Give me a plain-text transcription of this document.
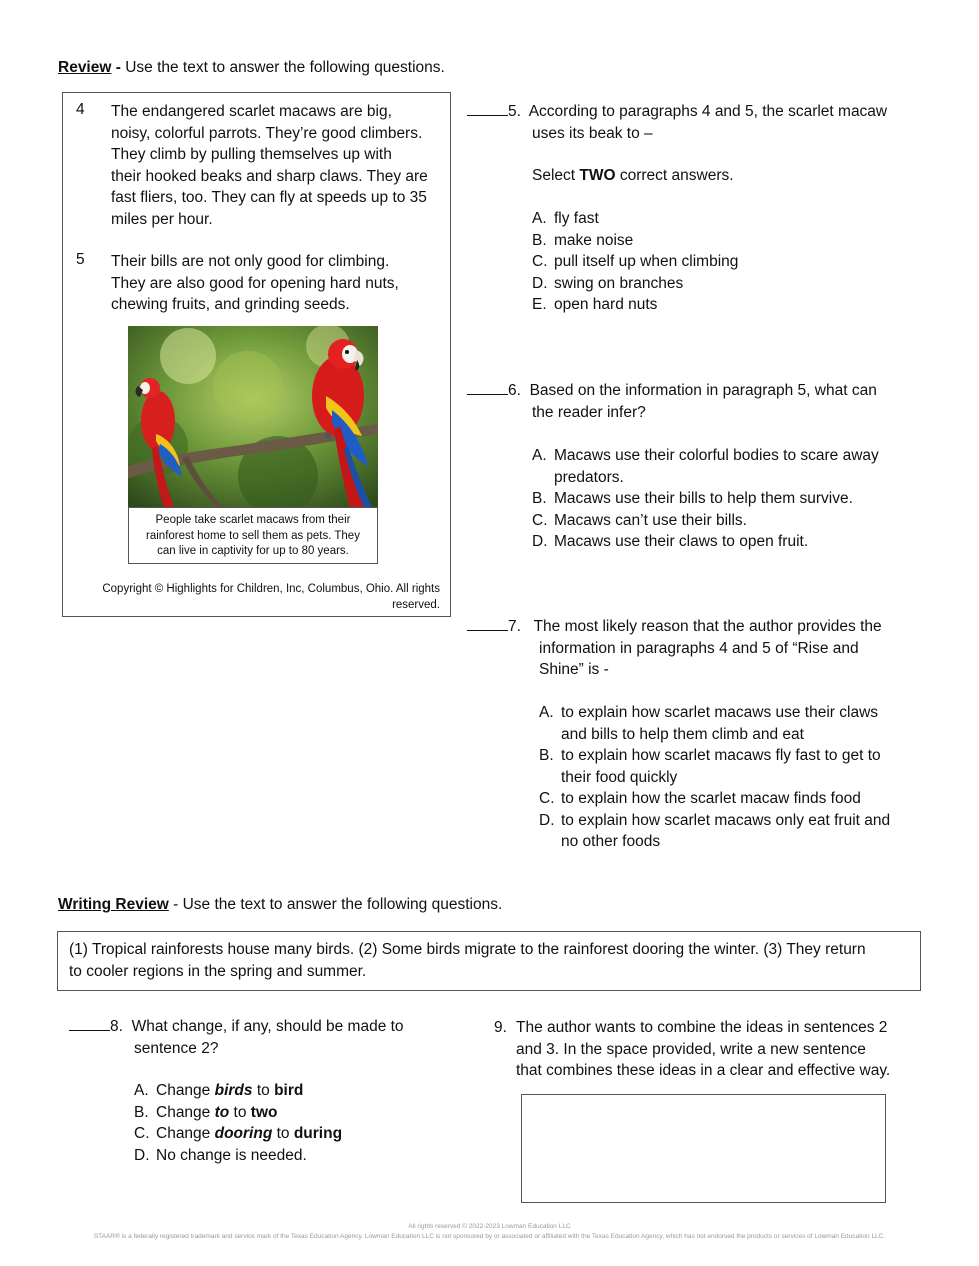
Review - Use the text to answer the following questions.
4 The endangered scarlet macaws are big,
noisy, colorful parrots. They’re good climbers.
They climb by pulling themselves up with
their hooked beaks and sharp claws. They are
fast fliers, too. They can fly at speeds up to 35
miles per hour.
5 Their bills are not only good for climbing.
They are also good for opening hard nuts,
chewing fruits, and grinding seeds.
People take scarlet macaws from their
rainforest home to sell them as pets. They
can live in captivity for up to 80 years.
Copyright © Highlights for Children, Inc, Columbus, Ohio. All rights
reserved.
5. According to paragraphs 4 and 5, the scarlet macaw
uses its beak to –
Select TWO correct answers.
A. fly fast
B. make noise
C. pull itself up when climbing
D. swing on branches
E. open hard nuts
6. Based on the information in paragraph 5, what can
the reader infer?
A. Macaws use their colorful bodies to scare away
predators.
B. Macaws use their bills to help them survive.
C. Macaws can’t use their bills.
D. Macaws use their claws to open fruit.
7. The most likely reason that the author provides the
information in paragraphs 4 and 5 of “Rise and
Shine” is -
A. to explain how scarlet macaws use their claws
and bills to help them climb and eat
B. to explain how scarlet macaws fly fast to get to
their food quickly
C. to explain how the scarlet macaw finds food
D. to explain how scarlet macaws only eat fruit and
no other foods
Writing Review - Use the text to answer the following questions.
(1) Tropical rainforests house many birds. (2) Some birds migrate to the rainforest dooring the winter. (3) They return
to cooler regions in the spring and summer.
8. What change, if any, should be made to
sentence 2?
A. Change birds to bird
B. Change to to two
C. Change dooring to during
D. No change is needed.
9. The author wants to combine the ideas in sentences 2
and 3. In the space provided, write a new sentence
that combines these ideas in a clear and effective way.
All rights reserved © 2022-2023 Lowman Education LLC
STAAR® is a federally registered trademark and service mark of the Texas Education Agency. Lowman Education LLC is not sponsored by or associated or affiliated with the Texas Education Agency, which has not endorsed the products or services of Lowman Education LLC.
